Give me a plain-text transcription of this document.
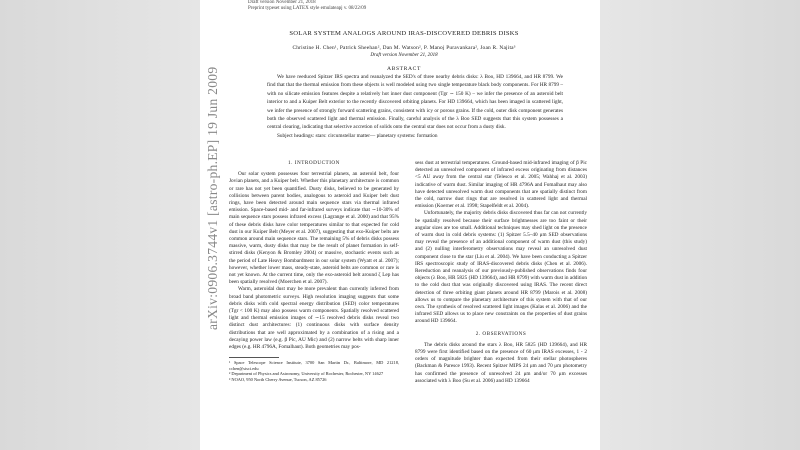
arXiv:0906.3744v1 [astro-ph.EP] 19 Jun 2009
Draft version November 21, 2018
Preprint typeset using LATEX style emulateapj v. 08/22/09
SOLAR SYSTEM ANALOGS AROUND IRAS-DISCOVERED DEBRIS DISKS
Christine H. Chen¹, Patrick Sheehan², Dan M. Watson², P. Manoj Puravankara², Joan R. Najita³
Draft version November 21, 2018
ABSTRACT

We have reeduced Spitzer IRS spectra and reanalyzed the SED's of three nearby debris disks: λ Boo, HD 139664, and HR 8799. We find that that the thermal emission from these objects is well modeled using two single temperature black body components. For HR 8799 – with no silicate emission features despite a relatively hot inner dust component (Tgr ∼ 150 K) – we infer the presence of an asteroid belt interior to and a Kuiper Belt exterior to the recently discovered orbiting planets. For HD 139664, which has been imaged in scattered light, we infer the presence of strongly forward scattering grains, consistent with icy or porous grains. If the cold, outer disk component generates both the observed scattered light and thermal emission. Finally, careful analysis of the λ Boo SED suggests that this system possesses a central clearing, indicating that selective accretion of solids onto the central star does not occur from a dusty disk.

Subject headings: stars: circumstellar matter— planetary systems: formation

1. INTRODUCTION

Our solar system possesses four terrestrial planets, an asteroid belt, four Jovian planets, and a Kuiper belt. Whether this planetary architecture is common or rare has not yet been quantified. Dusty disks, believed to be generated by collisions between parent bodies, analogous to asteroid and Kuiper belt dust rings, have been detected around main sequence stars via thermal infrared emission. Space-based mid- and far-infrared surveys indicate that ∼10-30% of main sequence stars possess infrared excess (Lagrange et al. 2000) and that 95% of these debris disks have color temperatures similar to that expected for cold dust in our Kuiper Belt (Meyer et al. 2007), suggesting that exo-Kuiper belts are common around main sequence stars. The remaining 5% of debris disks possess massive, warm, dusty disks that may be the result of planet formation in self-stirred disks (Kenyon & Bromley 2004) or massive, stochastic events such as the period of Late Heavy Bombardment in our solar system (Wyatt et al. 2007); however, whether lower mass, steady-state, asteroid belts are common or rare is not yet known. At the current time, only the exo-asteroid belt around ζ Lep has been spatially resolved (Moerchen et al. 2007).

Warm, asteroidal dust may be more prevalent than currently inferred from broad band photometric surveys. High resolution imaging suggests that some debris disks with cold spectral energy distribution (SED) color temperatures (Tgr < 100 K) may also possess warm components. Spatially resolved scattered light and thermal emission images of ∼15 resolved debris disks reveal two distinct dust architectures: (1) continuous disks with surface density distributions that are well approximated by a combination of a rising and a decaying power law (e.g. β Pic, AU Mic) and (2) narrow belts with sharp inner edges (e.g. HR 4796A, Fomalhaut). Both geometries may pos-

¹ Space Telescope Science Institute, 3700 San Martin Dr., Baltimore, MD 21218, cchen@stsci.edu
² Department of Physics and Astronomy, University of Rochester, Rochester, NY 14627
³ NOAO, 950 North Cherry Avenue, Tucson, AZ 85726

sess dust at terrestrial temperatures. Ground-based mid-infrared imaging of β Pic detected an unresolved component of infrared excess originating from distances <5 AU away from the central star (Telesco et al. 2005; Wahhaj et al. 2003) indicative of warm dust. Similar imaging of HR 4796A and Fomalhaut may also have detected unresolved warm dust components that are spatially distinct from the cold, narrow dust rings that are resolved in scattered light and thermal emission (Koerner et al. 1998; Stapelfeldt et al. 2004).

Unfortunately, the majority debris disks discovered thus far can not currently be spatially resolved because their surface brightnesses are too faint or their angular sizes are too small. Additional techniques may shed light on the presence of warm dust in cold debris systems: (1) Spitzer 5.5–40 μm SED observations may reveal the presence of an additional component of warm dust (this study) and (2) nulling interferometry observations may reveal an unresolved dust component close to the star (Liu et al. 2004). We have been conducting a Spitzer IRS spectroscopic study of IRAS-discovered debris disks (Chen et al. 2006). Rereduction and reanalysis of our previously-published observations finds four objects (λ Boo, HR 5825 (HD 139664), and HR 8799) with warm dust in addition to the cold dust that was originally discovered using IRAS. The recent direct detection of three orbiting giant planets around HR 8799 (Marois et al. 2008) allows us to compare the planetary architecture of this system with that of our own. The synthesis of resolved scattered light images (Kalas et al. 2006) and the infrared SED allows us to place new constraints on the properties of dust grains around HD 139664.

2. OBSERVATIONS

The debris disks around the stars λ Boo, HR 5825 (HD 139664), and HR 8799 were first identified based on the presence of 60 μm IRAS excesses, 1 - 2 orders of magnitude brighter than expected from their stellar photospheres (Backman & Paresce 1993). Recent Spitzer MIPS 24 μm and 70 μm photometry has confirmed the presence of unresolved 24 μm and/or 70 μm excesses associated with λ Boo (Su et al. 2006) and HD 139664
